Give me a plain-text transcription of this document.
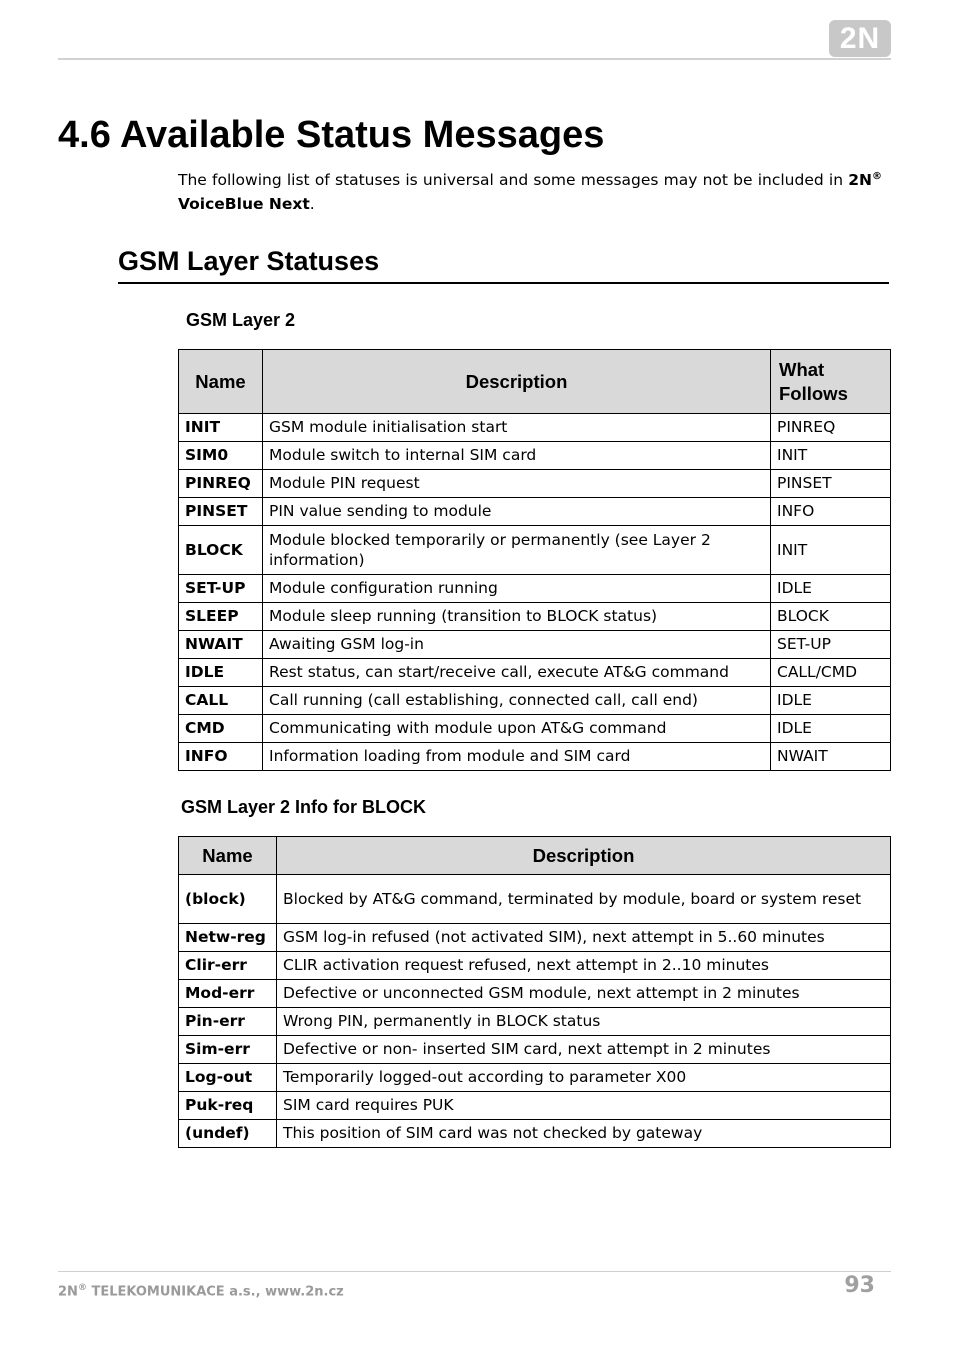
2N
4.6 Available Status Messages

The following list of statuses is universal and some messages may not be included in 2N® VoiceBlue Next.

GSM Layer Statuses
GSM Layer 2
Name	Description	What Follows
INIT	GSM module initialisation start	PINREQ
SIM0	Module switch to internal SIM card	INIT
PINREQ	Module PIN request	PINSET
PINSET	PIN value sending to module	INFO
BLOCK	Module blocked temporarily or permanently (see Layer 2 information)	INIT
SET-UP	Module configuration running	IDLE
SLEEP	Module sleep running (transition to BLOCK status)	BLOCK
NWAIT	Awaiting GSM log-in	SET-UP
IDLE	Rest status, can start/receive call, execute AT&G command	CALL/CMD
CALL	Call running (call establishing, connected call, call end)	IDLE
CMD	Communicating with module upon AT&G command	IDLE
INFO	Information loading from module and SIM card	NWAIT
GSM Layer 2 Info for BLOCK
Name	Description
(block)	Blocked by AT&G command, terminated by module, board or system reset
Netw-reg	GSM log-in refused (not activated SIM), next attempt in 5..60 minutes
Clir-err	CLIR activation request refused, next attempt in 2..10 minutes
Mod-err	Defective or unconnected GSM module, next attempt in 2 minutes
Pin-err	Wrong PIN, permanently in BLOCK status
Sim-err	Defective or non- inserted SIM card, next attempt in 2 minutes
Log-out	Temporarily logged-out according to parameter X00
Puk-req	SIM card requires PUK
(undef)	This position of SIM card was not checked by gateway

2N® TELEKOMUNIKACE a.s., www.2n.cz	93
